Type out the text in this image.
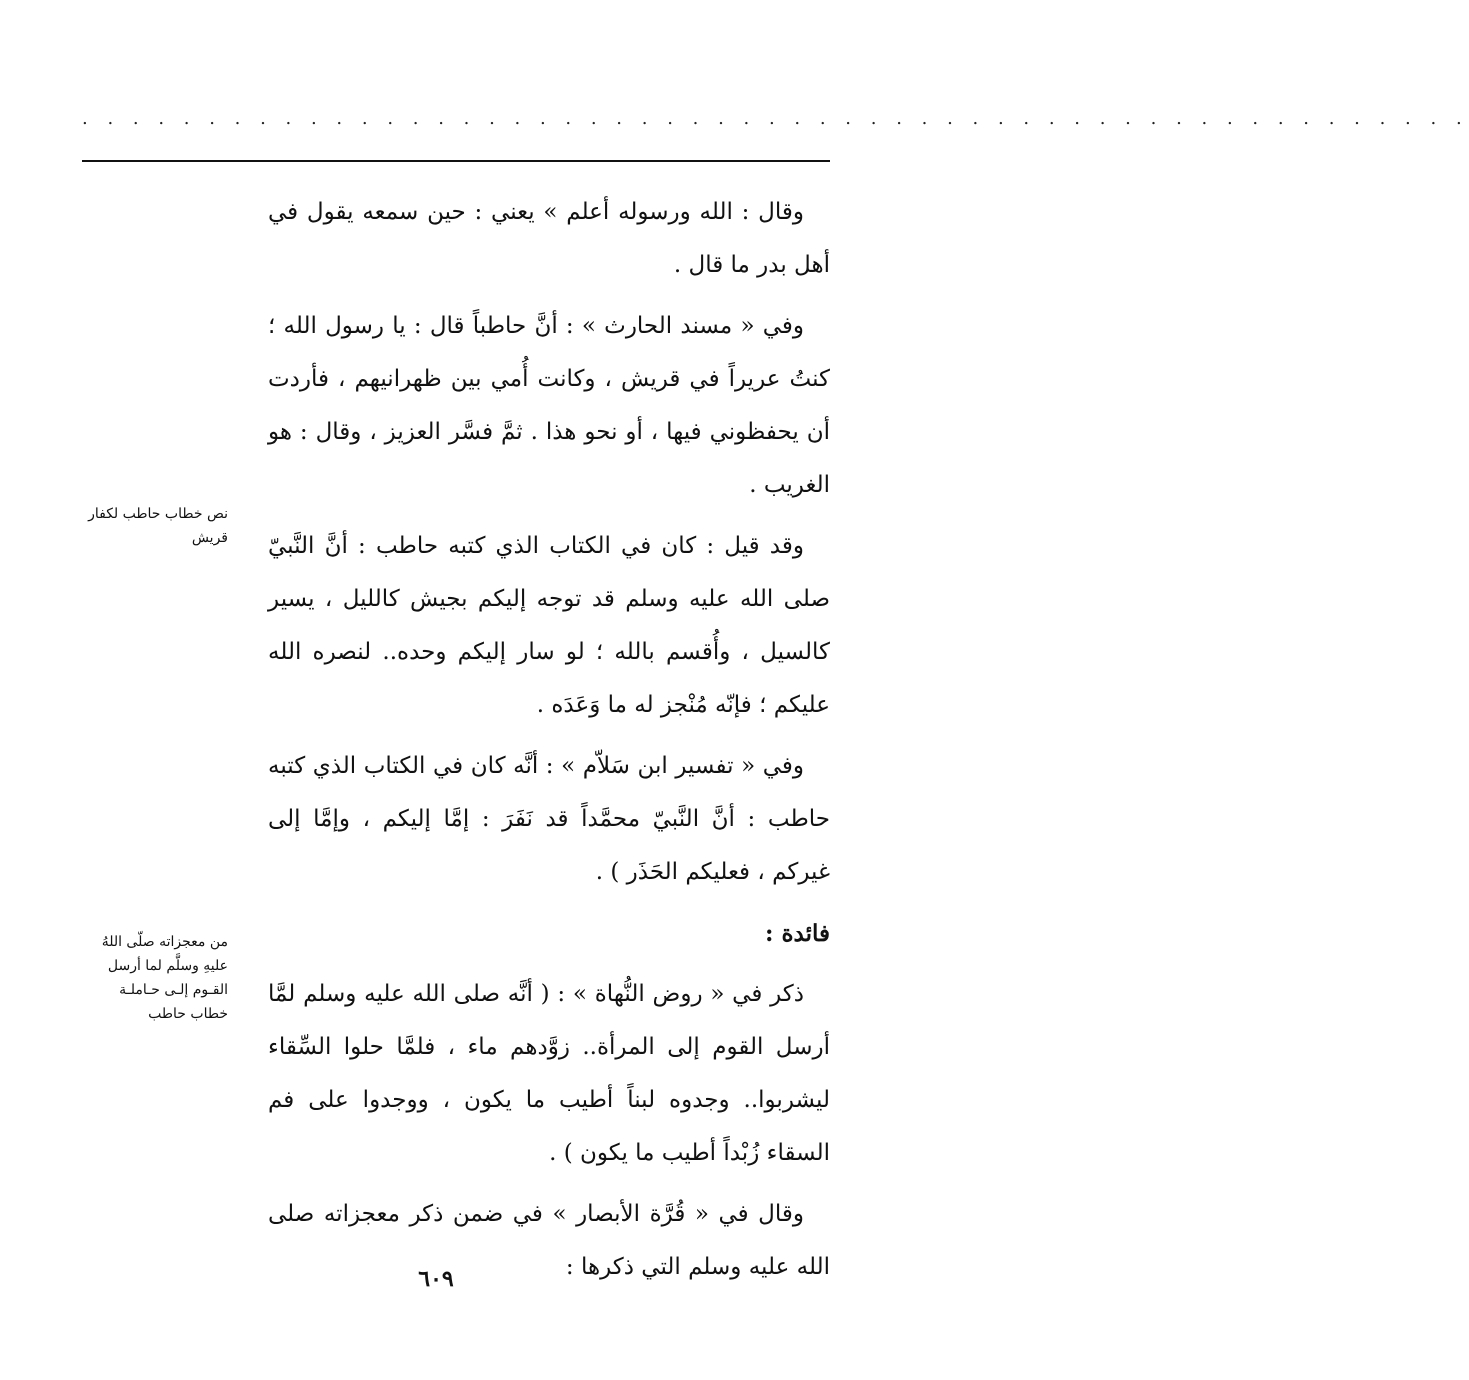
. . . . . . . . . . . . . . . . . . . . . . . . . . . . . . . . . . . . . . . . . . . . . . . . . . . . . . .

وقال : الله ورسوله أعلم » يعني : حين سمعه يقول في أهل بدر ما قال .

وفي « مسند الحارث » : أنَّ حاطباً قال : يا رسول الله ؛ كنتُ عريراً في قريش ، وكانت أُمي بين ظهرانيهم ، فأردت أن يحفظوني فيها ، أو نحو هذا . ثمَّ فسَّر العزيز ، وقال : هو الغريب .

وقد قيل : كان في الكتاب الذي كتبه حاطب : أنَّ النَّبيّ صلى الله عليه وسلم قد توجه إليكم بجيش كالليل ، يسير كالسيل ، وأُقسم بالله ؛ لو سار إليكم وحده.. لنصره الله عليكم ؛ فإنّه مُنْجز له ما وَعَدَه .

وفي « تفسير ابن سَلاّم » : أنَّه كان في الكتاب الذي كتبه حاطب : أنَّ النَّبيّ محمَّداً قد نَفَرَ : إمَّا إليكم ، وإمَّا إلى غيركم ، فعليكم الحَذَر ) .

فائدة :

ذكر في « روض النُّهاة » : ( أنَّه صلى الله عليه وسلم لمَّا أرسل القوم إلى المرأة.. زوَّدهم ماء ، فلمَّا حلوا السِّقاء ليشربوا.. وجدوه لبناً أطيب ما يكون ، ووجدوا على فم السقاء زُبْداً أطيب ما يكون ) .

وقال في « قُرَّة الأبصار » في ضمن ذكر معجزاته صلى الله عليه وسلم التي ذكرها :

نص خطاب حاطب لكفار قريش
من معجزاته صلّى اللهُ عليهِ وسلَّم لما أرسل القـوم إلـى حـاملـة خطاب حاطب
٦٠٩
